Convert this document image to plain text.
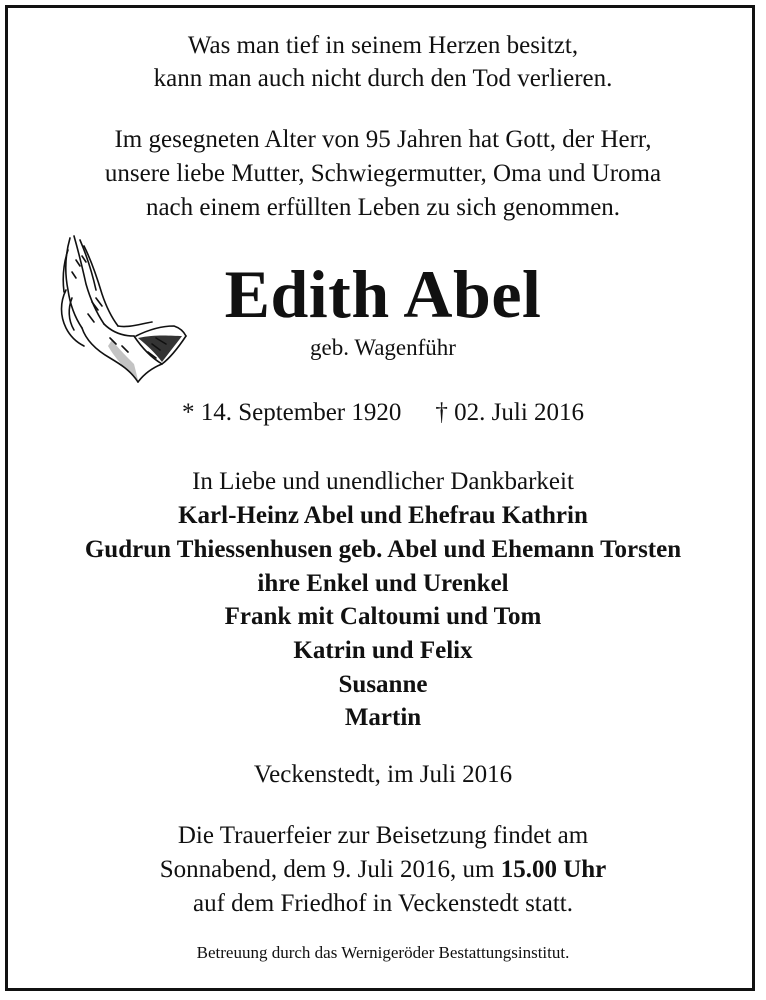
Was man tief in seinem Herzen besitzt,
kann man auch nicht durch den Tod verlieren.
Im gesegneten Alter von 95 Jahren hat Gott, der Herr,
unsere liebe Mutter, Schwiegermutter, Oma und Uroma
nach einem erfüllten Leben zu sich genommen.
Edith Abel
geb. Wagenführ
* 14. September 1920 † 02. Juli 2016
In Liebe und unendlicher Dankbarkeit
Karl-Heinz Abel und Ehefrau Kathrin
Gudrun Thiessenhusen geb. Abel und Ehemann Torsten
ihre Enkel und Urenkel
Frank mit Caltoumi und Tom
Katrin und Felix
Susanne
Martin
Veckenstedt, im Juli 2016
Die Trauerfeier zur Beisetzung findet am
Sonnabend, dem 9. Juli 2016, um 15.00 Uhr
auf dem Friedhof in Veckenstedt statt.
Betreuung durch das Wernigeröder Bestattungsinstitut.
